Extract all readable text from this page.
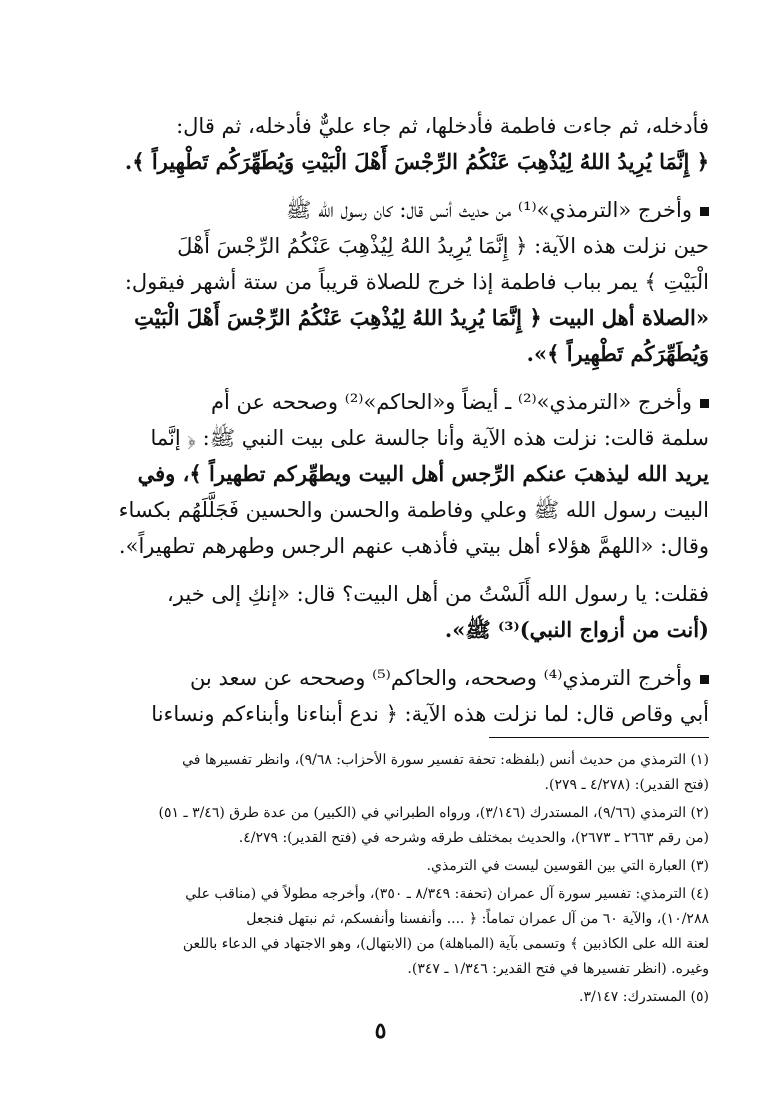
فأدخله، ثم جاءت فاطمة فأدخلها، ثم جاء عليٌّ فأدخله، ثم قال:

﴿ إِنَّمَا يُرِيدُ اللهُ لِيُذْهِبَ عَنْكُمُ الرِّجْسَ أَهْلَ الْبَيْتِ وَيُطَهِّرَكُم تَطْهِيراً ﴾.

وأخرج «الترمذي»⁽¹⁾ من حديث أنس قال: كان رسول الله ﷺ

حين نزلت هذه الآية: ﴿ إِنَّمَا يُرِيدُ اللهُ لِيُذْهِبَ عَنْكُمُ الرِّجْسَ أَهْلَ

الْبَيْتِ ﴾ يمر بباب فاطمة إذا خرج للصلاة قريباً من ستة أشهر فيقول:

«الصلاة أهل البيت ﴿ إِنَّمَا يُرِيدُ اللهُ لِيُذْهِبَ عَنْكُمُ الرِّجْسَ أَهْلَ الْبَيْتِ

وَيُطَهِّرَكُم تَطْهِيراً ﴾».

وأخرج «الترمذي»⁽²⁾ ـ أيضاً و«الحاكم»⁽²⁾ وصححه عن أم

سلمة قالت: نزلت هذه الآية وأنا جالسة على بيت النبي ﷺ: ﴿ إنَّما

يريد الله ليذهبَ عنكم الرِّجس أهل البيت ويطهِّركم تطهيراً ﴾، وفي

البيت رسول الله ﷺ وعلي وفاطمة والحسن والحسين فَجَلَّلَهُم بكساء

وقال: «اللهمَّ هؤلاء أهل بيتي فأذهب عنهم الرجس وطهرهم تطهيراً».

فقلت: يا رسول الله أَلَسْتُ من أهل البيت؟ قال: «إنكِ إلى خير،

(أنت من أزواج النبي)⁽³⁾ ﷺ».

وأخرج الترمذي⁽⁴⁾ وصححه، والحاكم⁽⁵⁾ وصححه عن سعد بن

أبي وقاص قال: لما نزلت هذه الآية: ﴿ ندع أبناءنا وأبناءكم ونساءنا

(١) الترمذي من حديث أنس (بلفظه: تحفة تفسير سورة الأحزاب: ٩/٦٨)، وانظر تفسيرها في

(فتح القدير): (٤/٢٧٨ ـ ٢٧٩).

(٢) الترمذي (٩/٦٦)، المستدرك (٣/١٤٦)، ورواه الطبراني في (الكبير) من عدة طرق (٣/٤٦ ـ ٥١)

(من رقم ٢٦٦٣ ـ ٢٦٧٣)، والحديث بمختلف طرقه وشرحه في (فتح القدير): ٤/٢٧٩.

(٣) العبارة التي بين القوسين ليست في الترمذي.

(٤) الترمذي: تفسير سورة آل عمران (تحفة: ٨/٣٤٩ ـ ٣٥٠)، وأخرجه مطولاً في (مناقب علي

١٠/٢٨٨)، والآية ٦٠ من آل عمران تماماً: ﴿ .... وأنفسنا وأنفسكم، ثم نبتهل فنجعل

لعنة الله على الكاذبين ﴾ وتسمى بآية (المباهلة) من (الابتهال)، وهو الاجتهاد في الدعاء باللعن

وغيره. (انظر تفسيرها في فتح القدير: ١/٣٤٦ ـ ٣٤٧).

(٥) المستدرك: ٣/١٤٧.

٥
